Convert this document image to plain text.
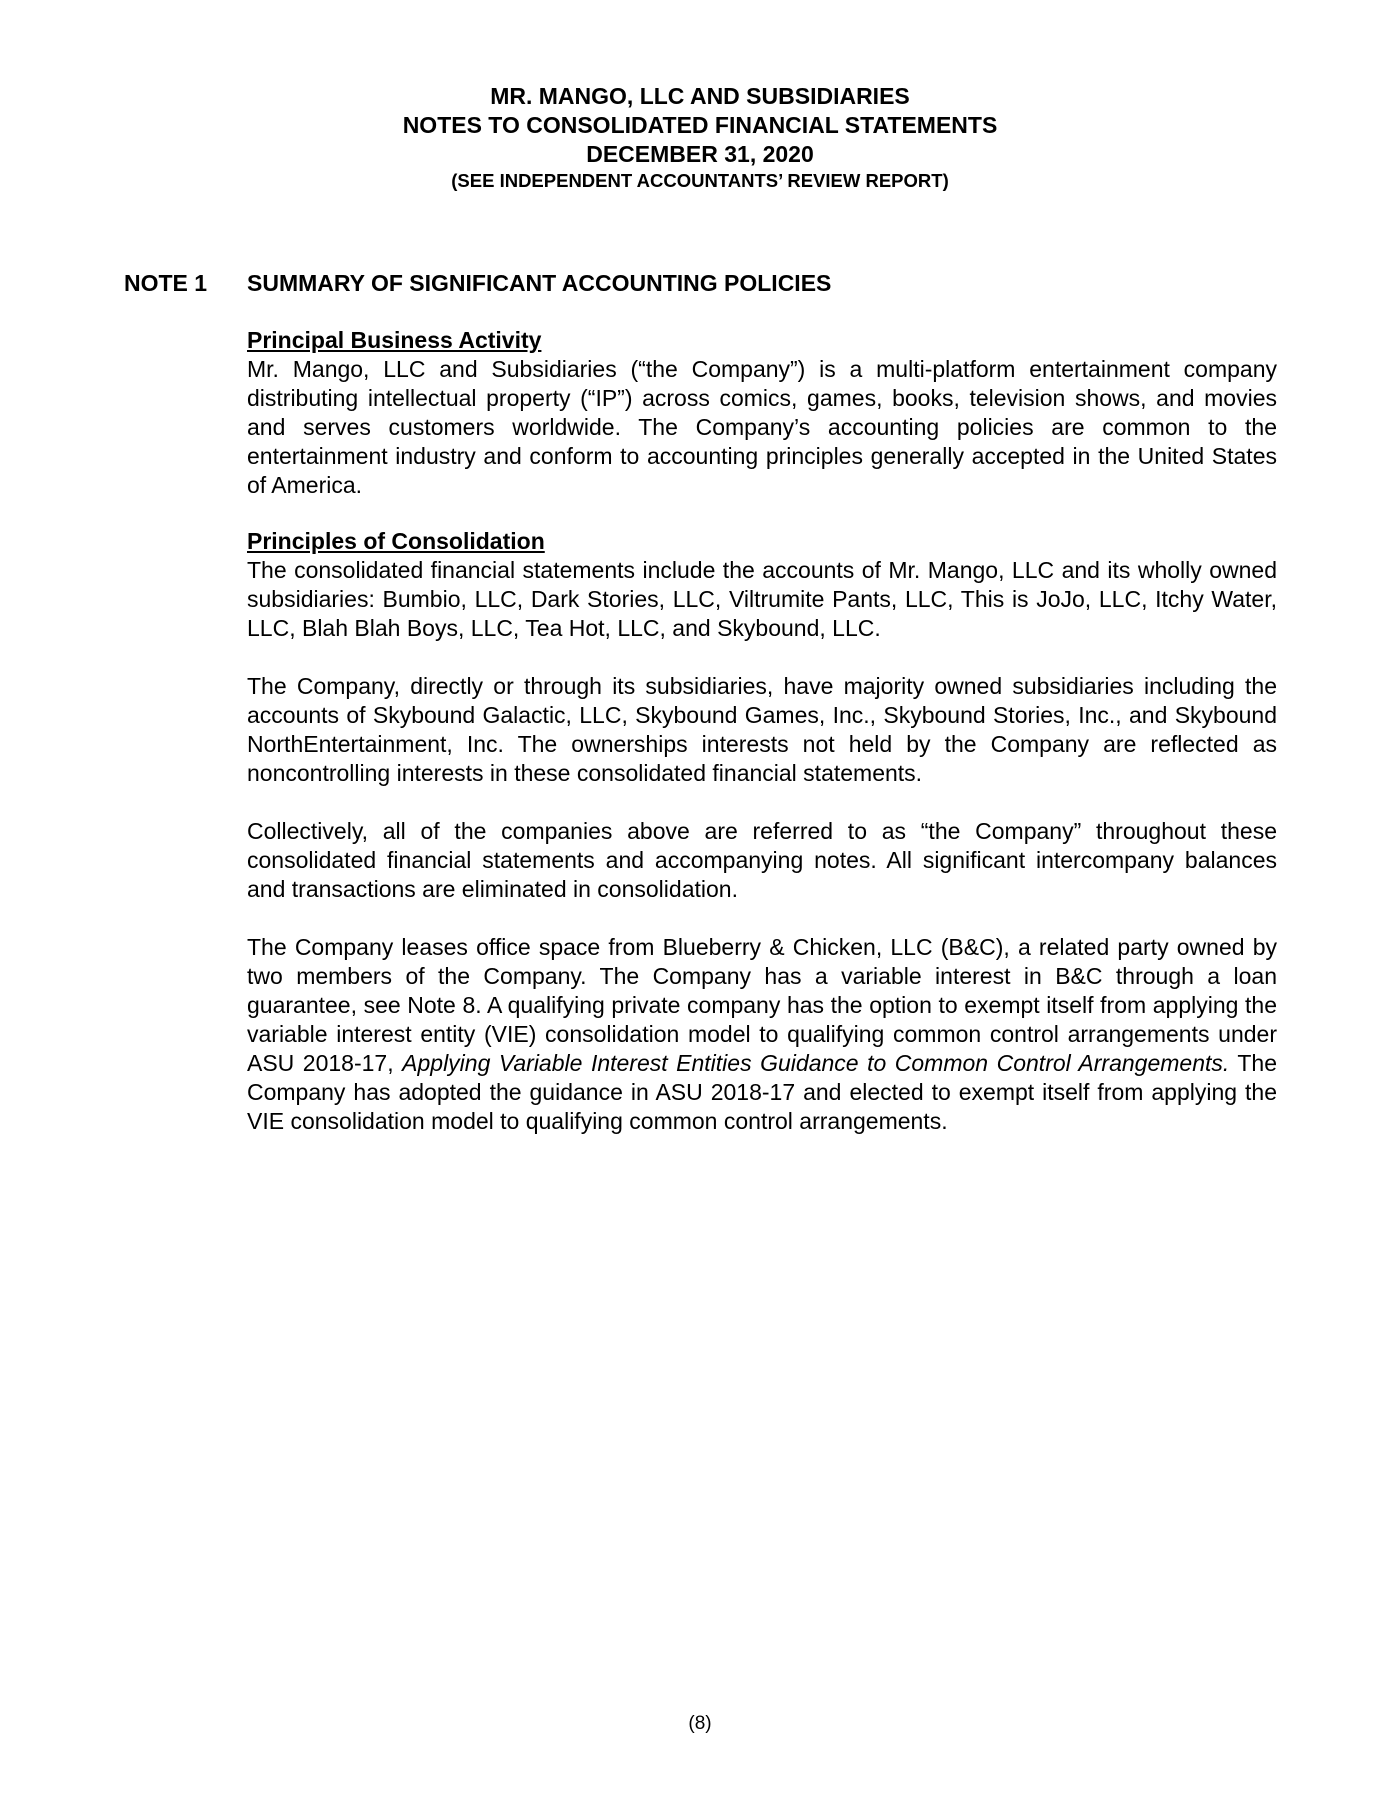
MR. MANGO, LLC AND SUBSIDIARIES
NOTES TO CONSOLIDATED FINANCIAL STATEMENTS
DECEMBER 31, 2020
(SEE INDEPENDENT ACCOUNTANTS’ REVIEW REPORT)
NOTE 1 SUMMARY OF SIGNIFICANT ACCOUNTING POLICIES

Principal Business Activity

Mr. Mango, LLC and Subsidiaries (“the Company”) is a multi-platform entertainment company distributing intellectual property (“IP”) across comics, games, books, television shows, and movies and serves customers worldwide. The Company’s accounting policies are common to the entertainment industry and conform to accounting principles generally accepted in the United States of America.

Principles of Consolidation

The consolidated financial statements include the accounts of Mr. Mango, LLC and its wholly owned subsidiaries: Bumbio, LLC, Dark Stories, LLC, Viltrumite Pants, LLC, This is JoJo, LLC, Itchy Water, LLC, Blah Blah Boys, LLC, Tea Hot, LLC, and Skybound, LLC.

The Company, directly or through its subsidiaries, have majority owned subsidiaries including the accounts of Skybound Galactic, LLC, Skybound Games, Inc., Skybound Stories, Inc., and Skybound NorthEntertainment, Inc. The ownerships interests not held by the Company are reflected as noncontrolling interests in these consolidated financial statements.

Collectively, all of the companies above are referred to as “the Company” throughout these consolidated financial statements and accompanying notes. All significant intercompany balances and transactions are eliminated in consolidation.

The Company leases office space from Blueberry & Chicken, LLC (B&C), a related party owned by two members of the Company. The Company has a variable interest in B&C through a loan guarantee, see Note 8. A qualifying private company has the option to exempt itself from applying the variable interest entity (VIE) consolidation model to qualifying common control arrangements under ASU 2018-17, Applying Variable Interest Entities Guidance to Common Control Arrangements. The Company has adopted the guidance in ASU 2018-17 and elected to exempt itself from applying the VIE consolidation model to qualifying common control arrangements.

(8)
